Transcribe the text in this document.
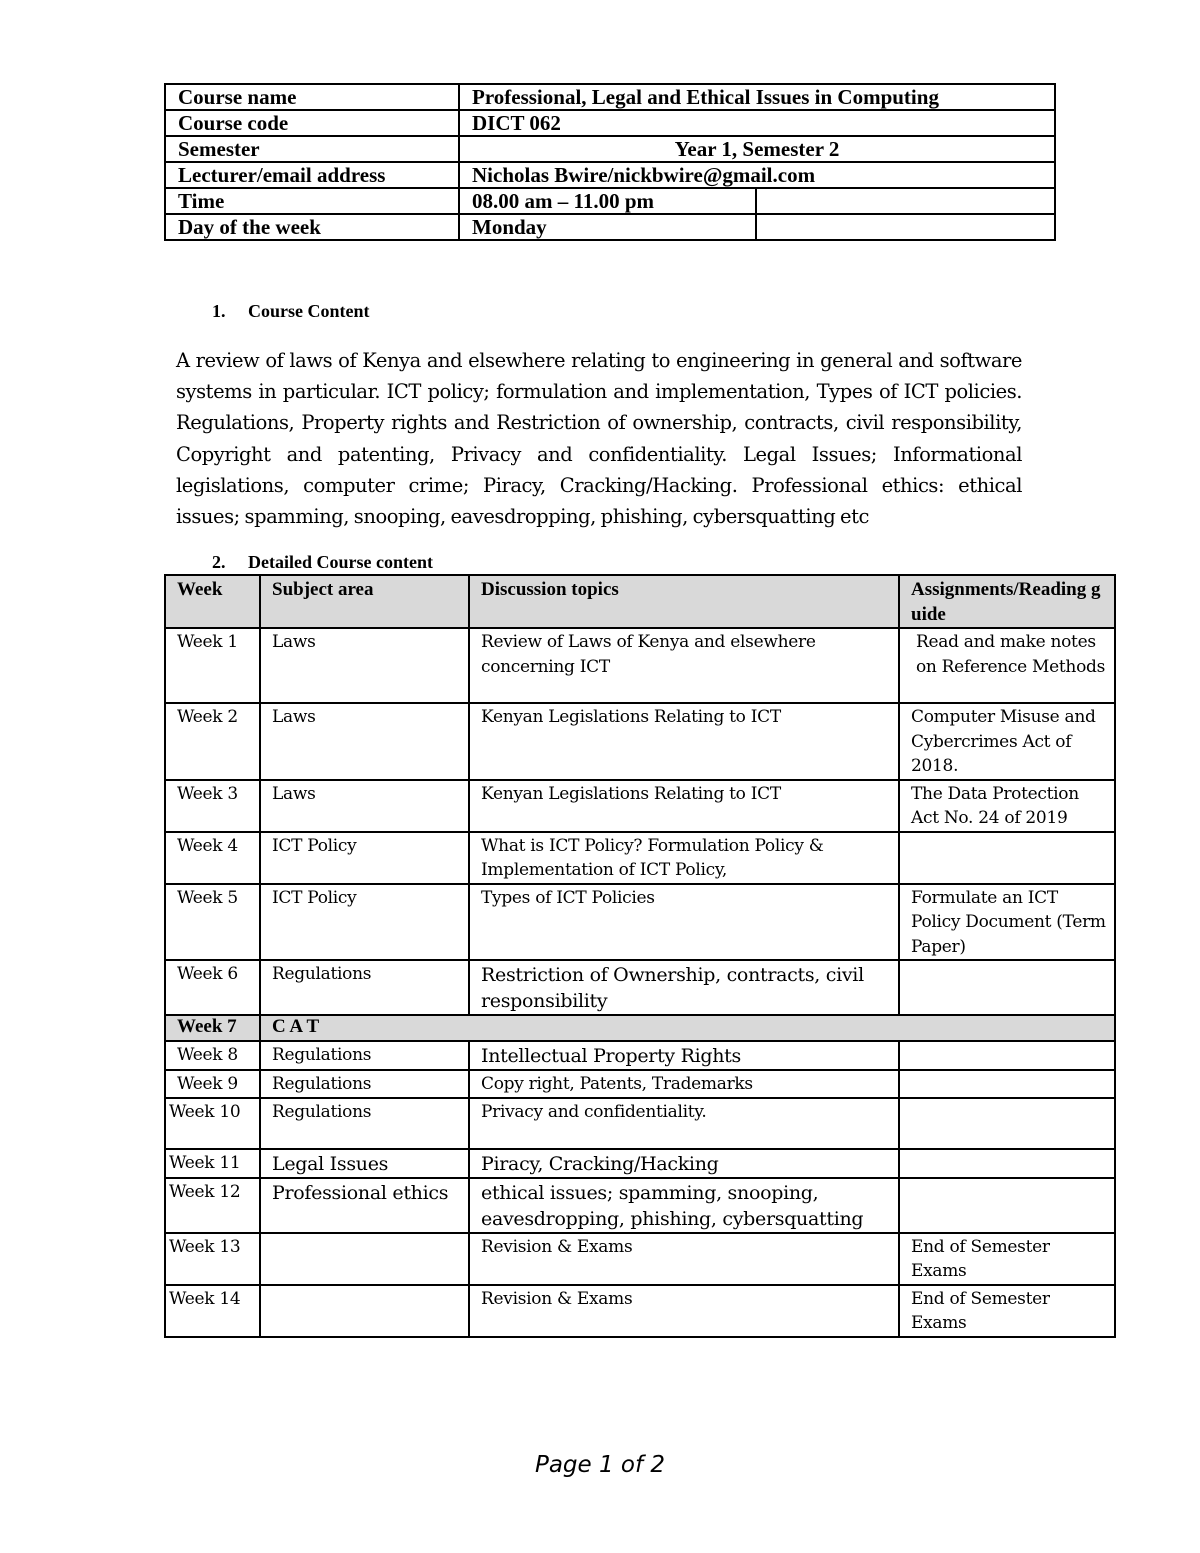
Course name	Professional, Legal and Ethical Issues in Computing	
Course code	DICT 062	
Semester	Year 1, Semester 2	
Lecturer/email address	Nicholas Bwire/nickbwire@gmail.com	
Time	08.00 am – 11.00 pm	
Day of the week	Monday	
1. Course Content
A review of laws of Kenya and elsewhere relating to engineering in general and software systems in particular. ICT policy; formulation and implementation, Types of ICT policies. Regulations, Property rights and Restriction of ownership, contracts, civil responsibility, Copyright and patenting, Privacy and confidentiality. Legal Issues; Informational legislations, computer crime; Piracy, Cracking/Hacking. Professional ethics: ethical issues; spamming, snooping, eavesdropping, phishing, cybersquatting etc
2. Detailed Course content
Week	Subject area	Discussion topics	Assignments/Reading guide
Week 1	Laws	Review of Laws of Kenya and elsewhere concerning ICT	Read and make notes on Reference Methods
Week 2	Laws	Kenyan Legislations Relating to ICT	Computer Misuse and Cybercrimes Act of 2018.
Week 3	Laws	Kenyan Legislations Relating to ICT	The Data Protection Act No. 24 of 2019
Week 4	ICT Policy	What is ICT Policy? Formulation Policy & Implementation of ICT Policy,	
Week 5	ICT Policy	Types of ICT Policies	Formulate an ICT Policy Document (Term Paper)
Week 6	Regulations	Restriction of Ownership, contracts, civil responsibility	
Week 7	C A T		
Week 8	Regulations	Intellectual Property Rights	
Week 9	Regulations	Copy right, Patents, Trademarks	
Week 10	Regulations	Privacy and confidentiality.	
Week 11	Legal Issues	Piracy, Cracking/Hacking	
Week 12	Professional ethics	ethical issues; spamming, snooping, eavesdropping, phishing, cybersquatting	
Week 13		Revision & Exams	End of Semester Exams
Week 14		Revision & Exams	End of Semester Exams
Page 1 of 2
